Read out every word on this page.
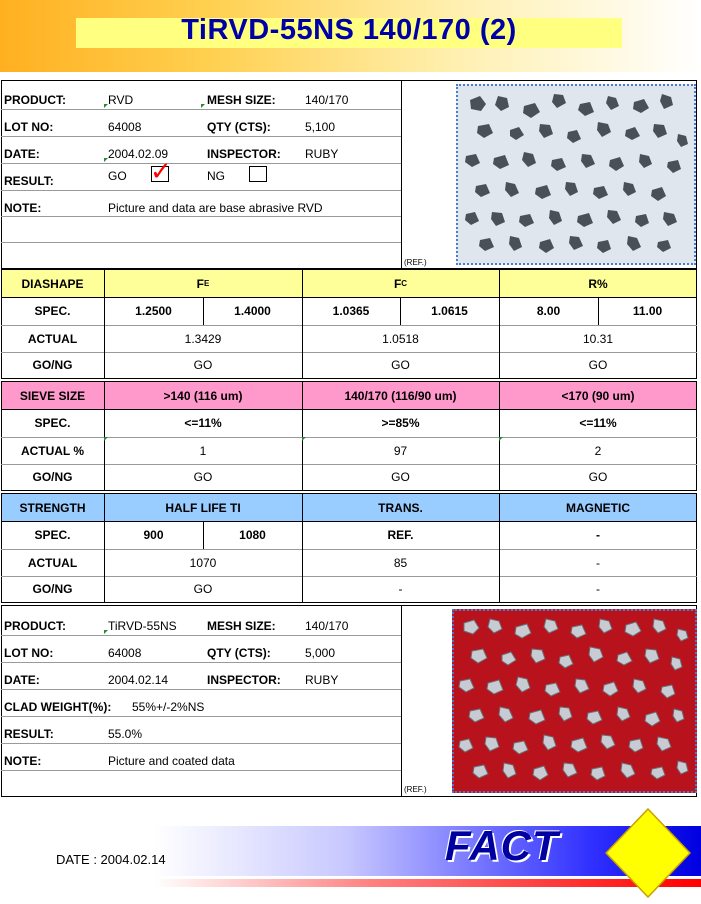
TiRVD-55NS 140/170 (2)
PRODUCT:	RVD	MESH SIZE: 140/170
LOT NO:	64008	QTY (CTS):	5,100
DATE:	2004.02.09	INSPECTOR: RUBY
RESULT:	GO ✓	NG
NOTE:	Picture and data are base abrasive RVD
(REF.)
DIASHAPE	F E	F C	R%
SPEC.	1.2500	1.4000	1.0365	1.0615	8.00	11.00
ACTUAL	1.3429	1.0518	10.31
GO/NG	GO	GO	GO
SIEVE SIZE	>140 (116 um)	140/170 (116/90 um)	<170 (90 um)
SPEC.	<=11%	>=85%	<=11%
ACTUAL %	1	97	2
GO/NG	GO	GO	GO
STRENGTH	HALF LIFE TI	TRANS.	MAGNETIC
SPEC.	900	1080	REF.	-
ACTUAL	1070	85	-
GO/NG	GO	-	-
PRODUCT:	TiRVD-55NS	MESH SIZE: 140/170
LOT NO:	64008	QTY (CTS):	5,000
DATE:	2004.02.14	INSPECTOR: RUBY
CLAD WEIGHT(%): 55%+/-2%NS
RESULT:	55.0%
NOTE:	Picture and coated data
(REF.)
DATE : 2004.02.14	FACT
